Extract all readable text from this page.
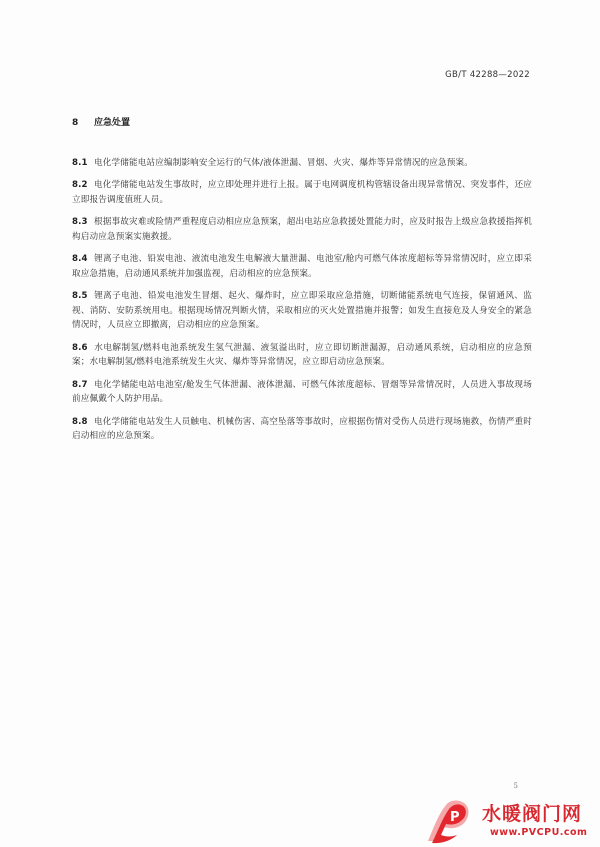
GB/T 42288—2022
8 应急处置

8.1 电化学储能电站应编制影响安全运行的气体/液体泄漏、冒烟、火灾、爆炸等异常情况的应急预案。

8.2 电化学储能电站发生事故时，应立即处理并进行上报。属于电网调度机构管辖设备出现异常情况、突发事件，还应立即报告调度值班人员。

8.3 根据事故灾难或险情严重程度启动相应应急预案，超出电站应急救援处置能力时，应及时报告上级应急救援指挥机构启动应急预案实施救援。

8.4 锂离子电池、铅炭电池、液流电池发生电解液大量泄漏、电池室/舱内可燃气体浓度超标等异常情况时，应立即采取应急措施，启动通风系统并加强监视，启动相应的应急预案。

8.5 锂离子电池、铅炭电池发生冒烟、起火、爆炸时，应立即采取应急措施，切断储能系统电气连接，保留通风、监视、消防、安防系统用电。根据现场情况判断火情，采取相应的灭火处置措施并报警；如发生直接危及人身安全的紧急情况时，人员应立即撤离，启动相应的应急预案。

8.6 水电解制氢/燃料电池系统发生氢气泄漏、液氢溢出时，应立即切断泄漏源，启动通风系统，启动相应的应急预案；水电解制氢/燃料电池系统发生火灾、爆炸等异常情况，应立即启动应急预案。

8.7 电化学储能电站电池室/舱发生气体泄漏、液体泄漏、可燃气体浓度超标、冒烟等异常情况时，人员进入事故现场前应佩戴个人防护用品。

8.8 电化学储能电站发生人员触电、机械伤害、高空坠落等事故时，应根据伤情对受伤人员进行现场施救，伤情严重时启动相应的应急预案。

5
P 水暖阀门网
www.PVCPU.com
